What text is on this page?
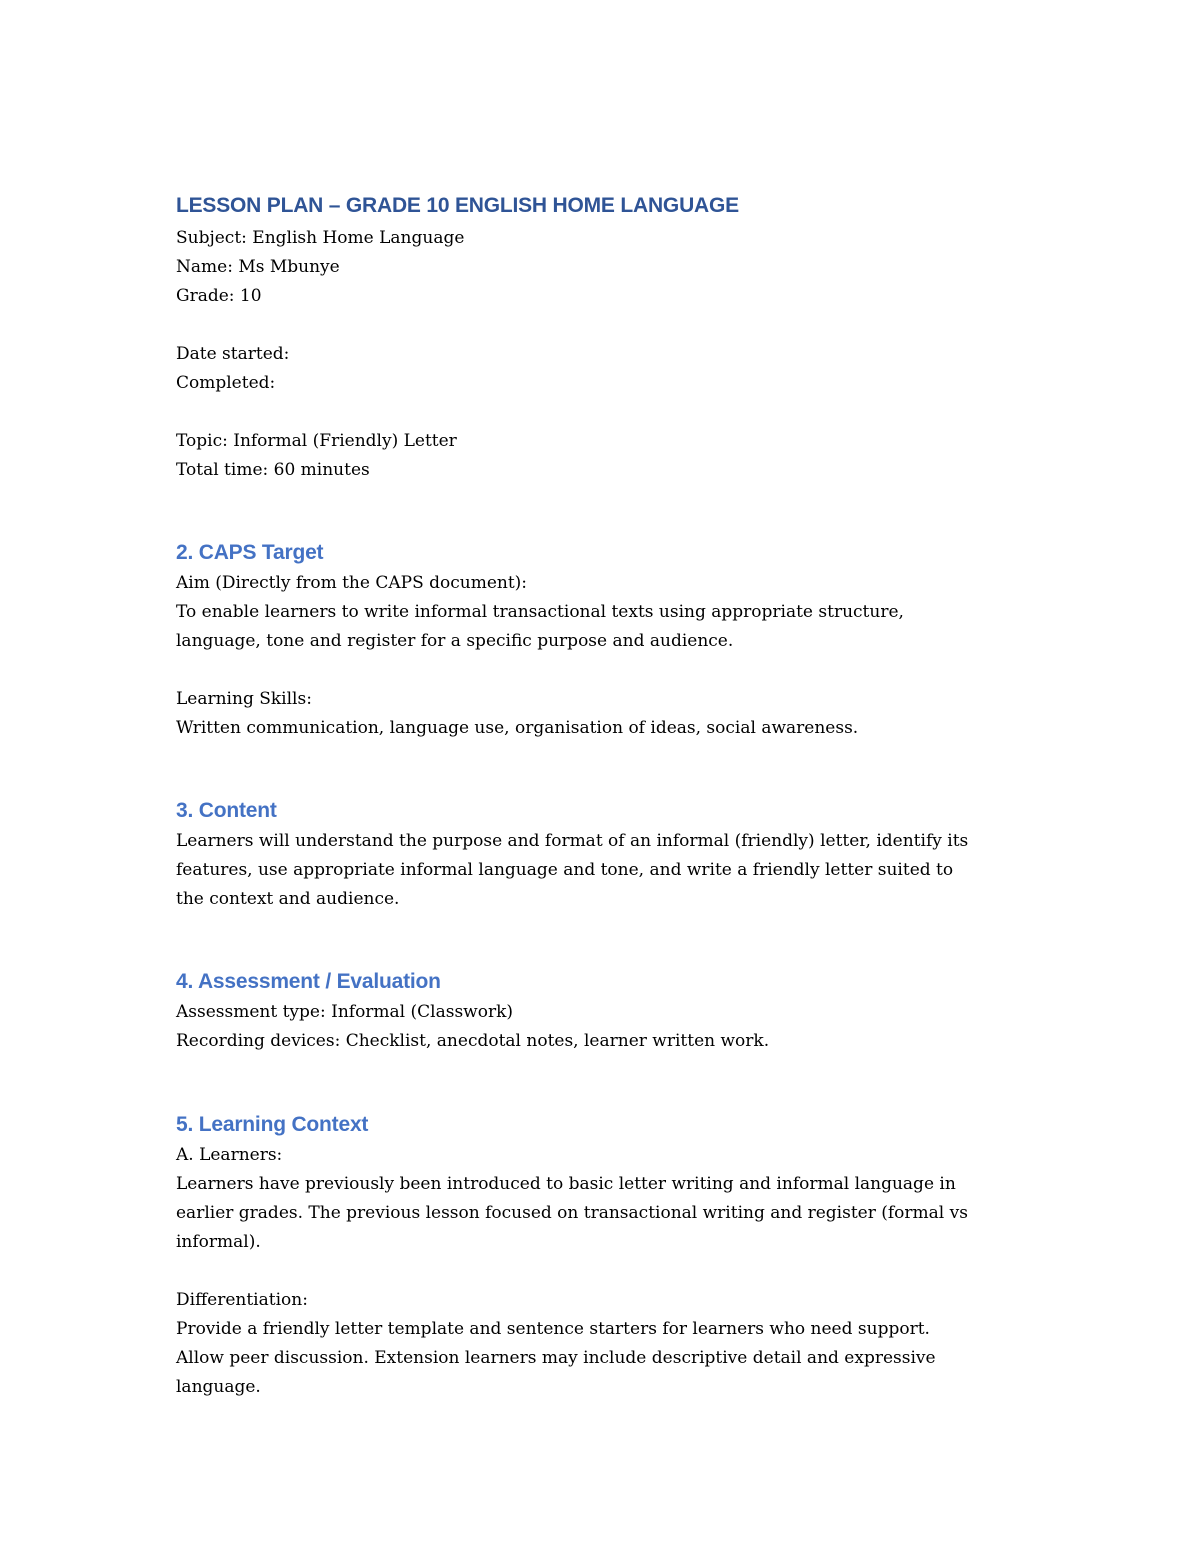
LESSON PLAN – GRADE 10 ENGLISH HOME LANGUAGE
Subject: English Home Language
Name: Ms Mbunye
Grade: 10
Date started:
Completed:
Topic: Informal (Friendly) Letter
Total time: 60 minutes
2. CAPS Target
Aim (Directly from the CAPS document):
To enable learners to write informal transactional texts using appropriate structure,
language, tone and register for a specific purpose and audience.
Learning Skills:
Written communication, language use, organisation of ideas, social awareness.
3. Content
Learners will understand the purpose and format of an informal (friendly) letter, identify its
features, use appropriate informal language and tone, and write a friendly letter suited to
the context and audience.
4. Assessment / Evaluation
Assessment type: Informal (Classwork)
Recording devices: Checklist, anecdotal notes, learner written work.
5. Learning Context
A. Learners:
Learners have previously been introduced to basic letter writing and informal language in
earlier grades. The previous lesson focused on transactional writing and register (formal vs
informal).
Differentiation:
Provide a friendly letter template and sentence starters for learners who need support.
Allow peer discussion. Extension learners may include descriptive detail and expressive
language.
